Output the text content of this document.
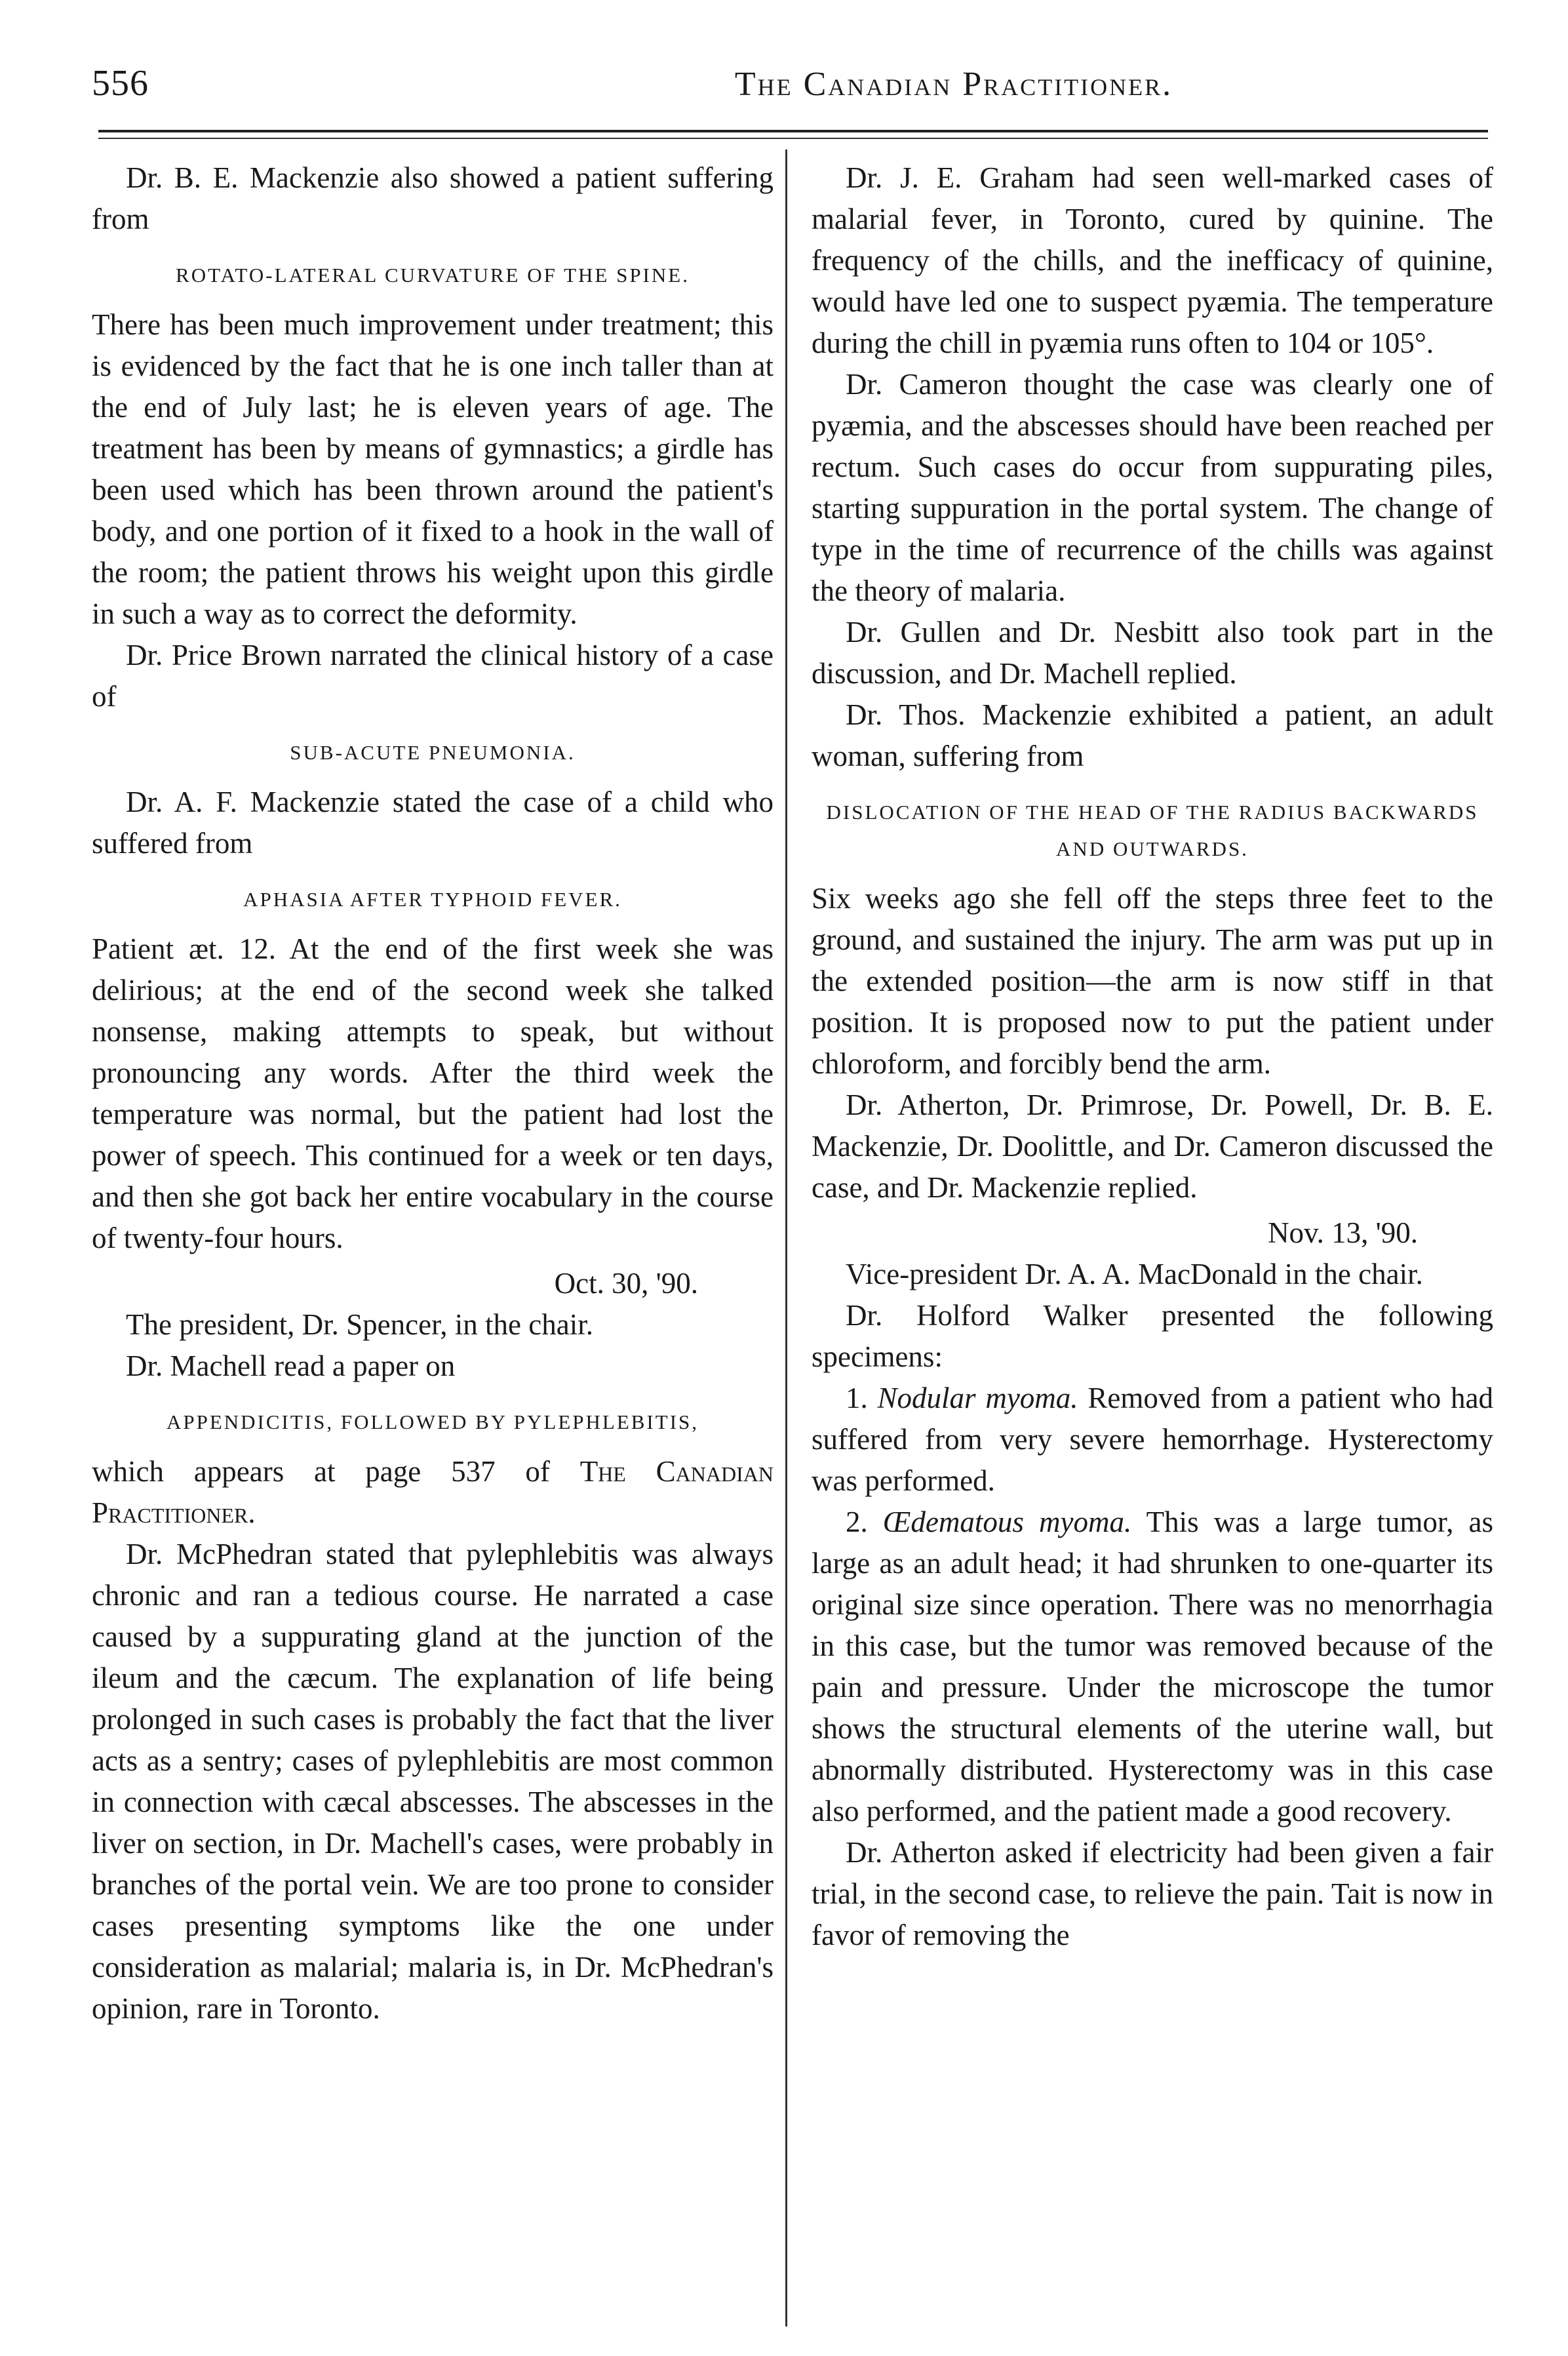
556	The Canadian Practitioner.

Dr. B. E. Mackenzie also showed a patient suffering from

ROTATO-LATERAL CURVATURE OF THE SPINE.

There has been much improvement under treatment; this is evidenced by the fact that he is one inch taller than at the end of July last; he is eleven years of age. The treatment has been by means of gymnastics; a girdle has been used which has been thrown around the patient's body, and one portion of it fixed to a hook in the wall of the room; the patient throws his weight upon this girdle in such a way as to correct the deformity.

Dr. Price Brown narrated the clinical history of a case of

SUB-ACUTE PNEUMONIA.

Dr. A. F. Mackenzie stated the case of a child who suffered from

APHASIA AFTER TYPHOID FEVER.

Patient æt. 12. At the end of the first week she was delirious; at the end of the second week she talked nonsense, making attempts to speak, but without pronouncing any words. After the third week the temperature was normal, but the patient had lost the power of speech. This continued for a week or ten days, and then she got back her entire vocabulary in the course of twenty-four hours.

Oct. 30, '90.

The president, Dr. Spencer, in the chair.

Dr. Machell read a paper on

APPENDICITIS, FOLLOWED BY PYLEPHLEBITIS,

which appears at page 537 of The Canadian Practitioner.

Dr. McPhedran stated that pylephlebitis was always chronic and ran a tedious course. He narrated a case caused by a suppurating gland at the junction of the ileum and the cæcum. The explanation of life being prolonged in such cases is probably the fact that the liver acts as a sentry; cases of pylephlebitis are most common in connection with cæcal abscesses. The abscesses in the liver on section, in Dr. Machell's cases, were probably in branches of the portal vein. We are too prone to consider cases presenting symptoms like the one under consideration as malarial; malaria is, in Dr. McPhedran's opinion, rare in Toronto.

Dr. J. E. Graham had seen well-marked cases of malarial fever, in Toronto, cured by quinine. The frequency of the chills, and the inefficacy of quinine, would have led one to suspect pyæmia. The temperature during the chill in pyæmia runs often to 104 or 105°.

Dr. Cameron thought the case was clearly one of pyæmia, and the abscesses should have been reached per rectum. Such cases do occur from suppurating piles, starting suppuration in the portal system. The change of type in the time of recurrence of the chills was against the theory of malaria.

Dr. Gullen and Dr. Nesbitt also took part in the discussion, and Dr. Machell replied.

Dr. Thos. Mackenzie exhibited a patient, an adult woman, suffering from

DISLOCATION OF THE HEAD OF THE RADIUS BACKWARDS AND OUTWARDS.

Six weeks ago she fell off the steps three feet to the ground, and sustained the injury. The arm was put up in the extended position—the arm is now stiff in that position. It is proposed now to put the patient under chloroform, and forcibly bend the arm.

Dr. Atherton, Dr. Primrose, Dr. Powell, Dr. B. E. Mackenzie, Dr. Doolittle, and Dr. Cameron discussed the case, and Dr. Mackenzie replied.

Nov. 13, '90.

Vice-president Dr. A. A. MacDonald in the chair.

Dr. Holford Walker presented the following specimens:

1. Nodular myoma. Removed from a patient who had suffered from very severe hemorrhage. Hysterectomy was performed.

2. Œdematous myoma. This was a large tumor, as large as an adult head; it had shrunken to one-quarter its original size since operation. There was no menorrhagia in this case, but the tumor was removed because of the pain and pressure. Under the microscope the tumor shows the structural elements of the uterine wall, but abnormally distributed. Hysterectomy was in this case also performed, and the patient made a good recovery.

Dr. Atherton asked if electricity had been given a fair trial, in the second case, to relieve the pain. Tait is now in favor of removing the
